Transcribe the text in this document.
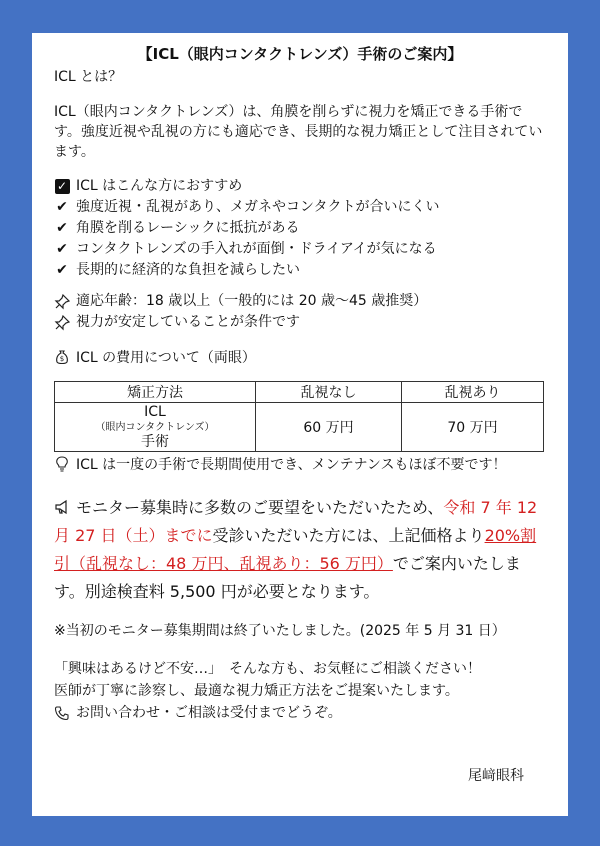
【ICL（眼内コンタクトレンズ）手術のご案内】
ICL とは？
ICL（眼内コンタクトレンズ）は、角膜を削らずに視力を矯正できる手術です。強度近視や乱視の方にも適応でき、長期的な視力矯正として注目されています。
✓ ICL はこんな方におすすめ
✔ 強度近視・乱視があり、メガネやコンタクトが合いにくい
✔ 角膜を削るレーシックに抵抗がある
✔ コンタクトレンズの手入れが面倒・ドライアイが気になる
✔ 長期的に経済的な負担を減らしたい
適応年齢：18 歳以上（一般的には 20 歳～45 歳推奨）
視力が安定していることが条件です
$ ICL の費用について（両眼）
矯正方法	乱視なし	乱視あり

ICL
（眼内コンタクトレンズ）
手術	60 万円	70 万円
ICL は一度の手術で長期間使用でき、メンテナンスもほぼ不要です！
モニター募集時に多数のご要望をいただいたため、令和 7 年 12 月 27 日（土）までに受診いただいた方には、上記価格より20%割引（乱視なし：48 万円、乱視あり：56 万円）でご案内いたします。別途検査料 5,500 円が必要となります。
※当初のモニター募集期間は終了いたしました。(2025 年 5 月 31 日）
「興味はあるけど不安…」　そんな方も、お気軽にご相談ください！
医師が丁寧に診察し、最適な視力矯正方法をご提案いたします。
お問い合わせ・ご相談は受付までどうぞ。
尾﨑眼科
